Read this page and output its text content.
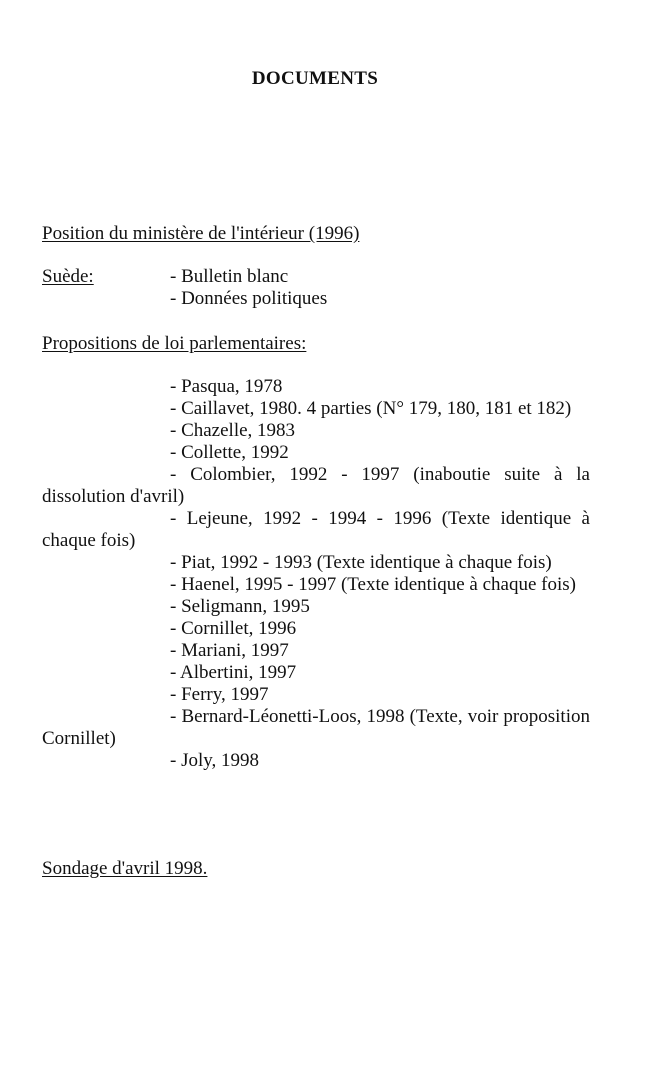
DOCUMENTS
Position du ministère de l'intérieur (1996)
Suède:	- Bulletin blanc
- Données politiques
Propositions de loi parlementaires:
- Pasqua, 1978
- Caillavet, 1980. 4 parties (N° 179, 180, 181 et 182)
- Chazelle, 1983
- Collette, 1992
- Colombier, 1992 - 1997 (inaboutie suite à la dissolution d'avril)
- Lejeune, 1992 - 1994 - 1996 (Texte identique à chaque fois)
- Piat, 1992 - 1993 (Texte identique à chaque fois)
- Haenel, 1995 - 1997 (Texte identique à chaque fois)
- Seligmann, 1995
- Cornillet, 1996
- Mariani, 1997
- Albertini, 1997
- Ferry, 1997
- Bernard-Léonetti-Loos, 1998 (Texte, voir proposition Cornillet)
- Joly, 1998
Sondage d'avril 1998.
